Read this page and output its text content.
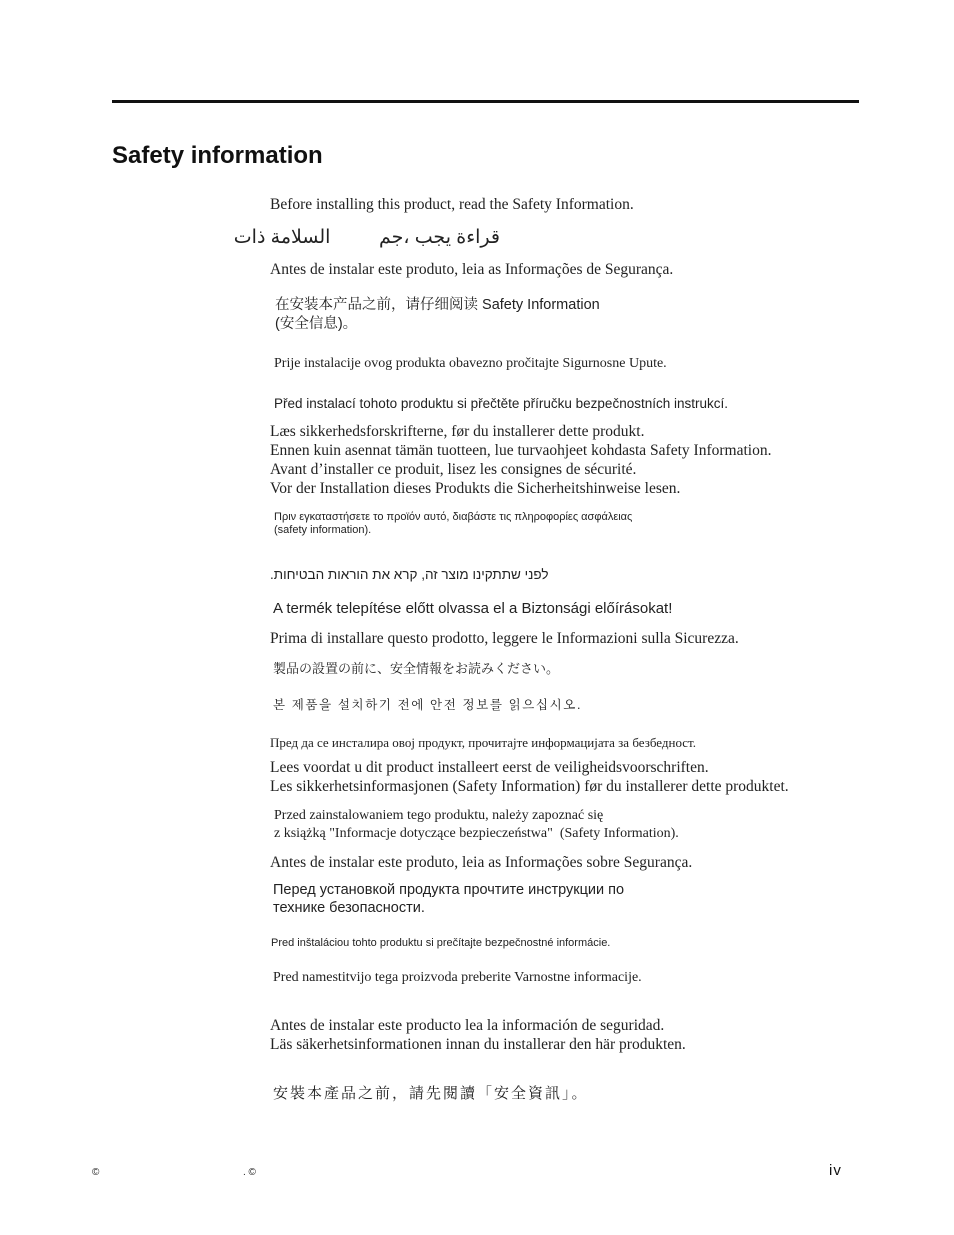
Safety information
Before installing this product, read the Safety Information.
قراءة يجب ،جم  السلامة ذات
Antes de instalar este produto, leia as Informações de Segurança.
在安装本产品之前，请仔细阅读 Safety Information
(安全信息)。
Prije instalacije ovog produkta obavezno pročitajte Sigurnosne Upute.
Před instalací tohoto produktu si přečtěte příručku bezpečnostních instrukcí.
Læs sikkerhedsforskrifterne, før du installerer dette produkt.
Ennen kuin asennat tämän tuotteen, lue turvaohjeet kohdasta Safety Information.
Avant d’installer ce produit, lisez les consignes de sécurité.
Vor der Installation dieses Produkts die Sicherheitshinweise lesen.
Πριν εγκαταστήσετε το προϊόν αυτό, διαβάστε τις πληροφορίες ασφάλειας
(safety information).
לפני שתתקינו מוצר זה, קרא את הוראות הבטיחות.
A termék telepítése előtt olvassa el a Biztonsági előírásokat!
Prima di installare questo prodotto, leggere le Informazioni sulla Sicurezza.
製品の設置の前に、安全情報をお読みください。
본 제품을 설치하기 전에 안전 정보를 읽으십시오.
Пред да се инсталира овој продукт, прочитајте информацијата за безбедност.
Lees voordat u dit product installeert eerst de veiligheidsvoorschriften.
Les sikkerhetsinformasjonen (Safety Information) før du installerer dette produktet.
Przed zainstalowaniem tego produktu, należy zapoznać się
z książką "Informacje dotyczące bezpieczeństwa"  (Safety Information).
Antes de instalar este produto, leia as Informações sobre Segurança.
Перед установкой продукта прочтите инструкции по
технике безопасности.
Pred inštaláciou tohto produktu si prečítajte bezpečnostné informácie.
Pred namestitvijo tega proizvoda preberite Varnostne informacije.
Antes de instalar este producto lea la información de seguridad.
Läs säkerhetsinformationen innan du installerar den här produkten.
安裝本產品之前，請先閱讀「安全資訊」。
©	. ©	iv
